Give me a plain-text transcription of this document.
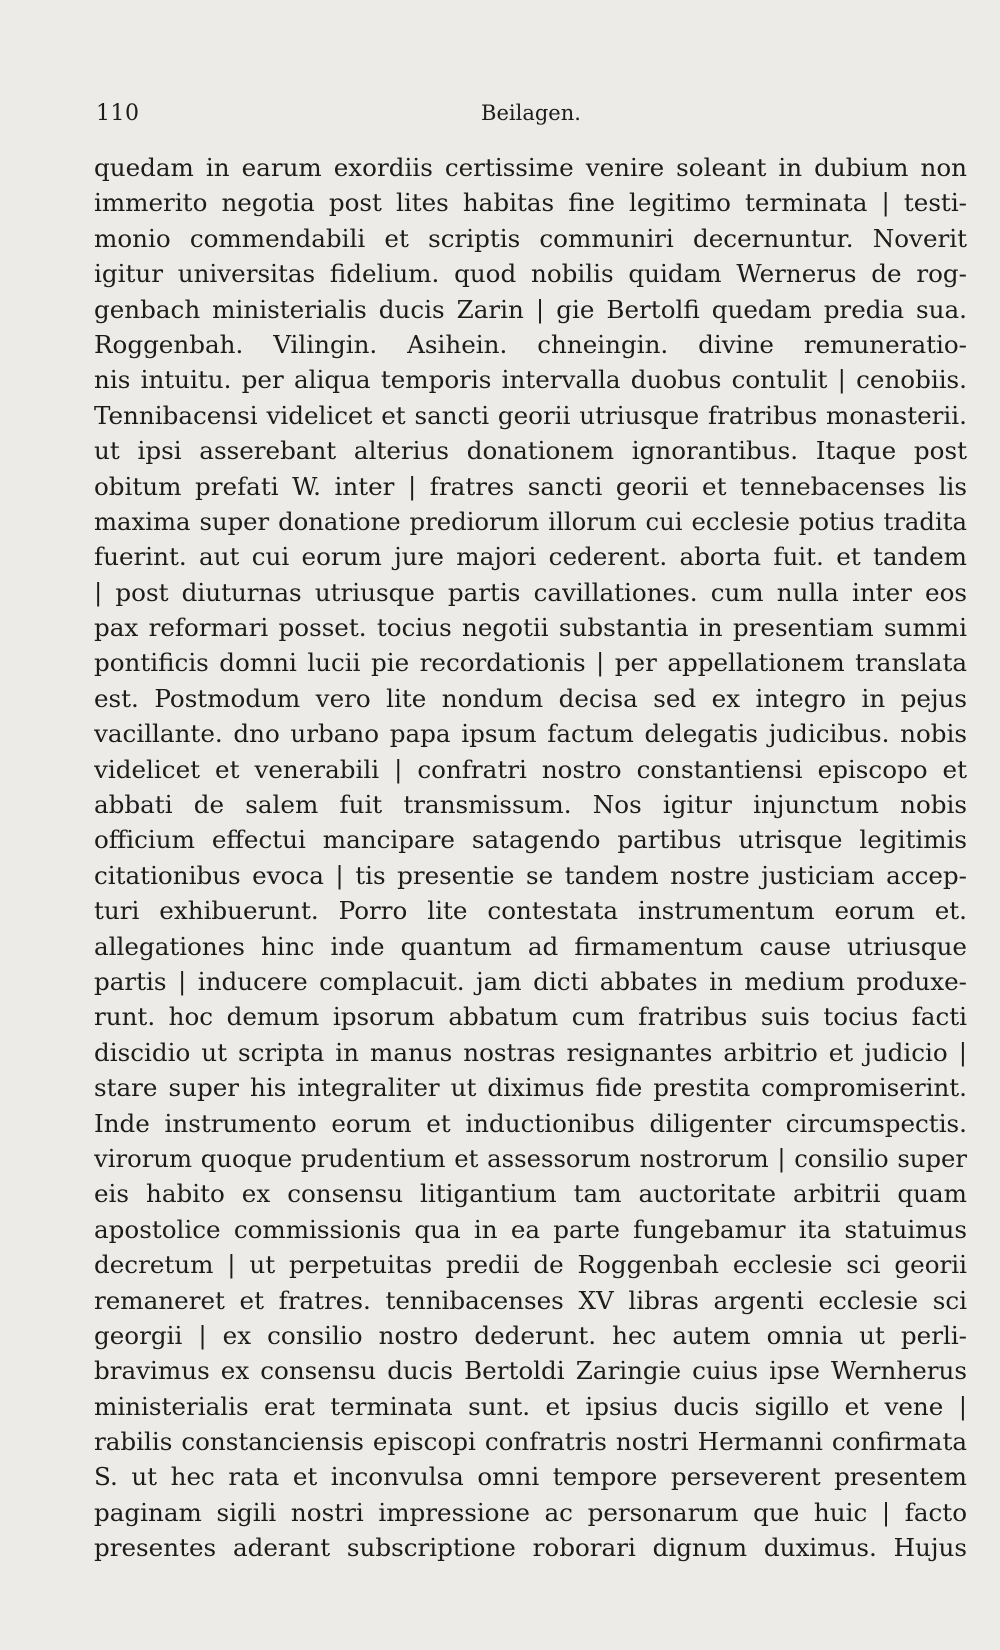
110	Beilagen.
quedam in earum exordiis certissime venire soleant in dubium non
immerito negotia post lites habitas fine legitimo terminata | testi-
monio commendabili et scriptis communiri decernuntur. Noverit
igitur universitas fidelium. quod nobilis quidam Wernerus de rog-
genbach ministerialis ducis Zarin | gie Bertolfi quedam predia sua.
Roggenbah. Vilingin. Asihein. chneingin. divine remuneratio-
nis intuitu. per aliqua temporis intervalla duobus contulit | cenobiis.
Tennibacensi videlicet et sancti georii utriusque fratribus monasterii.
ut ipsi asserebant alterius donationem ignorantibus. Itaque post
obitum prefati W. inter | fratres sancti georii et tennebacenses lis
maxima super donatione prediorum illorum cui ecclesie potius tradita
fuerint. aut cui eorum jure majori cederent. aborta fuit. et tandem
| post diuturnas utriusque partis cavillationes. cum nulla inter eos
pax reformari posset. tocius negotii substantia in presentiam summi
pontificis domni lucii pie recordationis | per appellationem translata
est. Postmodum vero lite nondum decisa sed ex integro in pejus
vacillante. dno urbano papa ipsum factum delegatis judicibus. nobis
videlicet et venerabili | confratri nostro constantiensi episcopo et
abbati de salem fuit transmissum. Nos igitur injunctum nobis
officium effectui mancipare satagendo partibus utrisque legitimis
citationibus evoca | tis presentie se tandem nostre justiciam accep-
turi exhibuerunt. Porro lite contestata instrumentum eorum et.
allegationes hinc inde quantum ad firmamentum cause utriusque
partis | inducere complacuit. jam dicti abbates in medium produxe-
runt. hoc demum ipsorum abbatum cum fratribus suis tocius facti
discidio ut scripta in manus nostras resignantes arbitrio et judicio |
stare super his integraliter ut diximus fide prestita compromiserint.
Inde instrumento eorum et inductionibus diligenter circumspectis.
virorum quoque prudentium et assessorum nostrorum | consilio super
eis habito ex consensu litigantium tam auctoritate arbitrii quam
apostolice commissionis qua in ea parte fungebamur ita statuimus
decretum | ut perpetuitas predii de Roggenbah ecclesie sci georii
remaneret et fratres. tennibacenses XV libras argenti ecclesie sci
georgii | ex consilio nostro dederunt. hec autem omnia ut perli-
bravimus ex consensu ducis Bertoldi Zaringie cuius ipse Wernherus
ministerialis erat terminata sunt. et ipsius ducis sigillo et vene |
rabilis constanciensis episcopi confratris nostri Hermanni confirmata
S. ut hec rata et inconvulsa omni tempore perseverent presentem
paginam sigili nostri impressione ac personarum que huic | facto
presentes aderant subscriptione roborari dignum duximus. Hujus
